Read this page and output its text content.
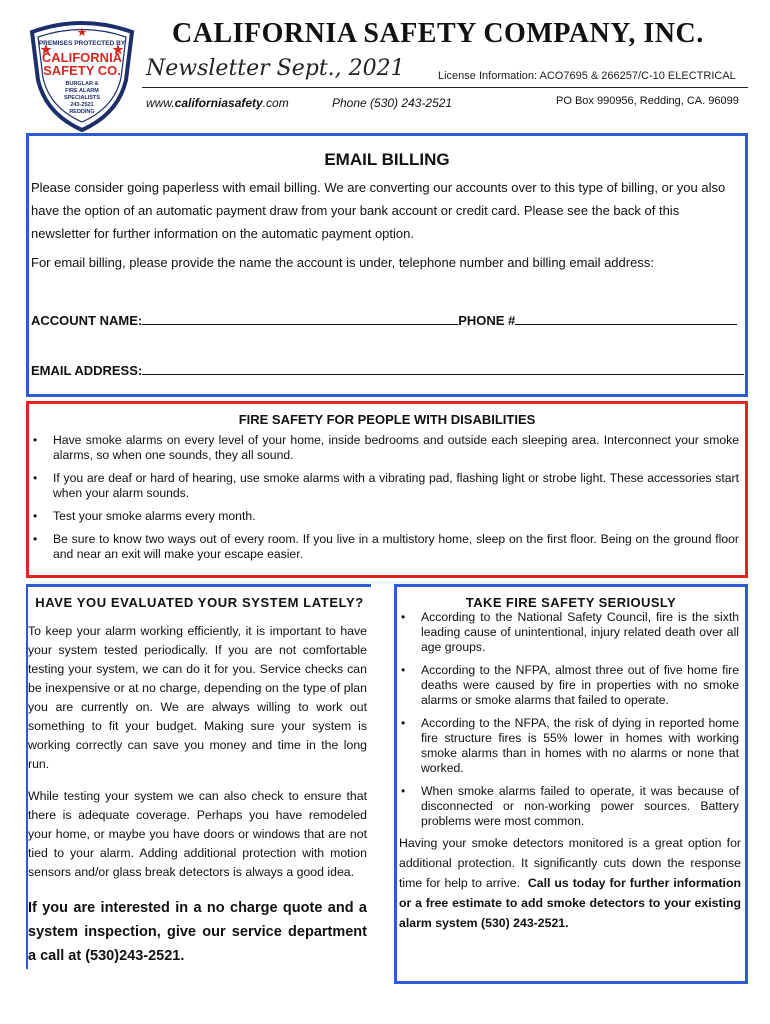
PREMISES PROTECTED BY
CALIFORNIA
SAFETY CO.
BURGLAR &
FIRE ALARM
SPECIALISTS
243-2521
REDDING
CALIFORNIA SAFETY COMPANY, INC.
Newsletter Sept., 2021	License Information: ACO7695 & 266257/C-10 ELECTRICAL
www.californiasafety.com	Phone (530) 243-2521	PO Box 990956, Redding, CA. 96099
EMAIL BILLING

Please consider going paperless with email billing. We are converting our accounts over to this type of billing, or you also have the option of an automatic payment draw from your bank account or credit card. Please see the back of this newsletter for further information on the automatic payment option.

For email billing, please provide the name the account is under, telephone number and billing email address:

ACCOUNT NAME:	PHONE #
EMAIL ADDRESS:
FIRE SAFETY FOR PEOPLE WITH DISABILITIES
• Have smoke alarms on every level of your home, inside bedrooms and outside each sleeping area. Interconnect your smoke alarms, so when one sounds, they all sound.
• If you are deaf or hard of hearing, use smoke alarms with a vibrating pad, flashing light or strobe light. These accessories start when your alarm sounds.
• Test your smoke alarms every month.
• Be sure to know two ways out of every room. If you live in a multistory home, sleep on the first floor. Being on the ground floor and near an exit will make your escape easier.
HAVE YOU EVALUATED YOUR SYSTEM LATELY?

To keep your alarm working efficiently, it is important to have your system tested periodically. If you are not comfortable testing your system, we can do it for you. Service checks can be inexpensive or at no charge, depending on the type of plan you are currently on. We are always willing to work out something to fit your budget. Making sure your system is working correctly can save you money and time in the long run.

While testing your system we can also check to ensure that there is adequate coverage. Perhaps you have remodeled your home, or maybe you have doors or windows that are not tied to your alarm. Adding additional protection with motion sensors and/or glass break detectors is always a good idea.

If you are interested in a no charge quote and a system inspection, give our service department a call at (530)243-2521.
TAKE FIRE SAFETY SERIOUSLY
• According to the National Safety Council, fire is the sixth leading cause of unintentional, injury related death over all age groups.
• According to the NFPA, almost three out of five home fire deaths were caused by fire in properties with no smoke alarms or smoke alarms that failed to operate.
• According to the NFPA, the risk of dying in reported home fire structure fires is 55% lower in homes with working smoke alarms than in homes with no alarms or none that worked.
• When smoke alarms failed to operate, it was because of disconnected or non-working power sources. Battery problems were most common.
Having your smoke detectors monitored is a great option for additional protection. It significantly cuts down the response time for help to arrive. Call us today for further information or a free estimate to add smoke detectors to your existing alarm system (530) 243-2521.
